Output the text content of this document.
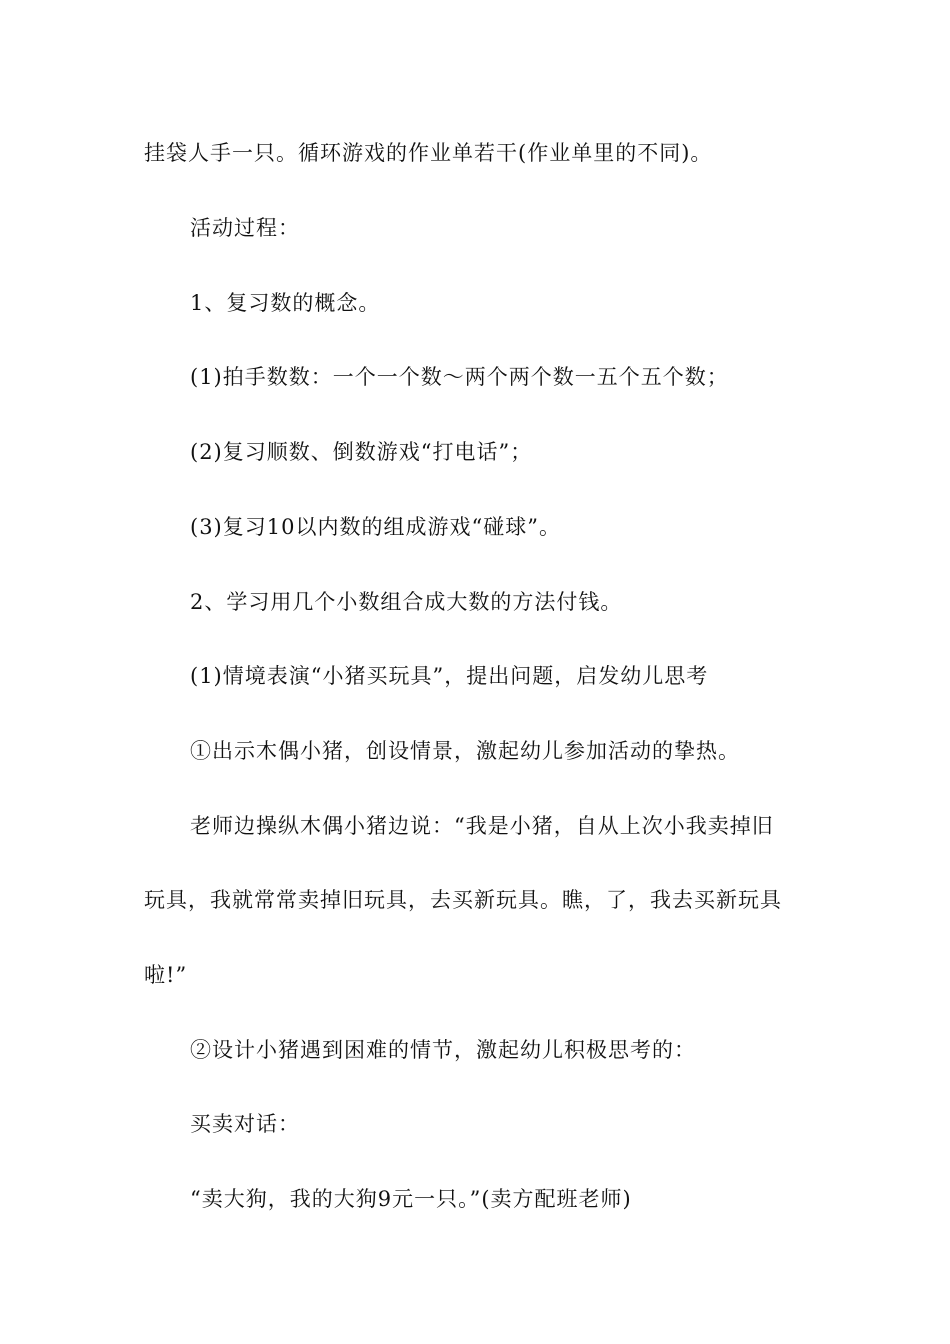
挂袋人手一只。循环游戏的作业单若干(作业单里的不同)。
活动过程：
1、复习数的概念。
(1)拍手数数：一个一个数～两个两个数一五个五个数；
(2)复习顺数、倒数游戏“打电话”；
(3)复习10以内数的组成游戏“碰球”。
2、学习用几个小数组合成大数的方法付钱。
(1)情境表演“小猪买玩具”，提出问题，启发幼儿思考
①出示木偶小猪，创设情景，激起幼儿参加活动的挚热。
老师边操纵木偶小猪边说：“我是小猪，自从上次小我卖掉旧
玩具，我就常常卖掉旧玩具，去买新玩具。瞧，了，我去买新玩具
啦!”
②设计小猪遇到困难的情节，激起幼儿积极思考的：
买卖对话：
“卖大狗，我的大狗9元一只。”(卖方配班老师)
